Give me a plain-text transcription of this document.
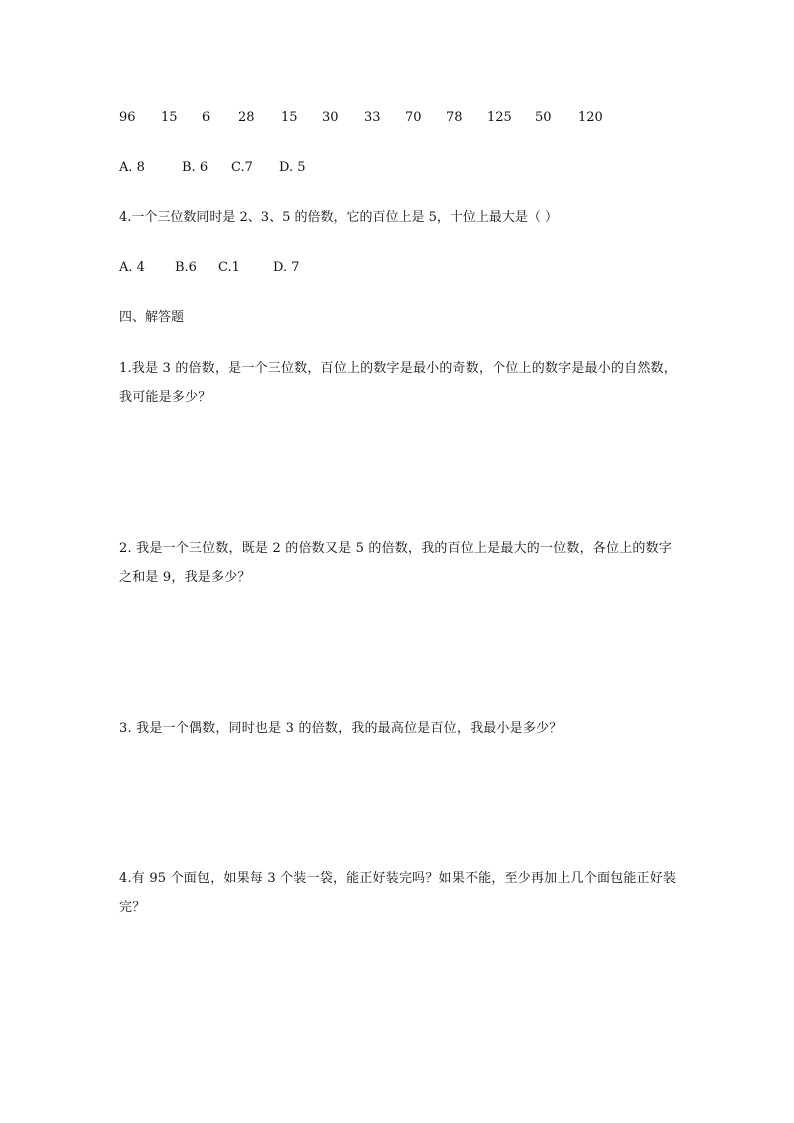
96	15	6	28	15	30	33	70	78	125	50	120
A. 8	B. 6	C.7	D. 5
4.一个三位数同时是 2、3、5 的倍数，它的百位上是 5，十位上最大是（ ）
A. 4	B.6	C.1	D. 7
四、解答题
1.我是 3 的倍数，是一个三位数，百位上的数字是最小的奇数，个位上的数字是最小的自然数，我可能是多少？
2. 我是一个三位数，既是 2 的倍数又是 5 的倍数，我的百位上是最大的一位数，各位上的数字之和是 9，我是多少？
3. 我是一个偶数，同时也是 3 的倍数，我的最高位是百位，我最小是多少？
4.有 95 个面包，如果每 3 个装一袋，能正好装完吗？如果不能，至少再加上几个面包能正好装完？
